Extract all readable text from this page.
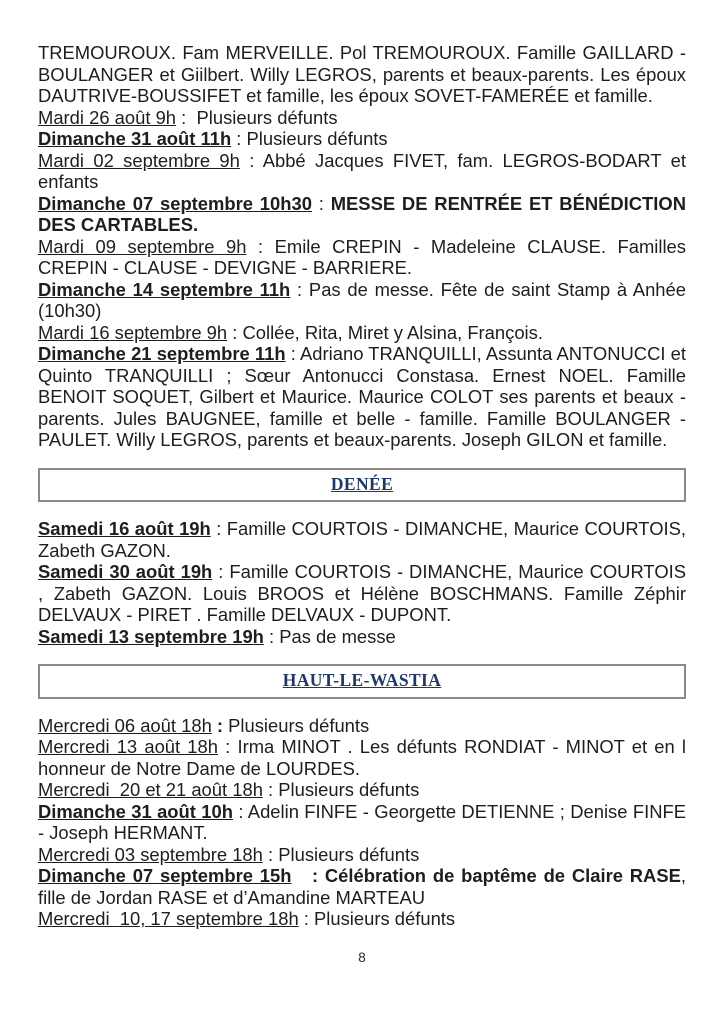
TREMOUROUX. Fam MERVEILLE. Pol TREMOUROUX. Famille GAILLARD - BOULANGER et Giilbert. Willy LEGROS, parents et beaux-parents. Les époux DAUTRIVE-BOUSSIFET et famille, les époux SOVET-FAMERÉE et famille.

Mardi 26 août 9h :  Plusieurs défunts

Dimanche 31 août 11h : Plusieurs défunts

Mardi 02 septembre 9h : Abbé Jacques FIVET, fam. LEGROS-BODART et enfants

Dimanche 07 septembre 10h30 : MESSE DE RENTRÉE ET BÉNÉDICTION DES CARTABLES.

Mardi 09 septembre 9h : Emile CREPIN - Madeleine CLAUSE. Familles CREPIN - CLAUSE - DEVIGNE - BARRIERE.

Dimanche 14 septembre 11h : Pas de messe. Fête de saint Stamp à Anhée (10h30)

Mardi 16 septembre 9h : Collée, Rita, Miret y Alsina, François.

Dimanche 21 septembre 11h : Adriano TRANQUILLI, Assunta ANTONUCCI et Quinto TRANQUILLI ; Sœur Antonucci Constasa. Ernest NOEL. Famille BENOIT SOQUET, Gilbert et Maurice. Maurice COLOT ses parents et beaux - parents. Jules BAUGNEE, famille et belle - famille. Famille BOULANGER - PAULET. Willy LEGROS, parents et beaux-parents. Joseph GILON et famille.

DENÉE

Samedi 16 août 19h : Famille COURTOIS - DIMANCHE, Maurice COURTOIS, Zabeth GAZON.

Samedi 30 août 19h : Famille COURTOIS - DIMANCHE, Maurice COURTOIS , Zabeth GAZON. Louis BROOS et Hélène BOSCHMANS. Famille Zéphir DELVAUX - PIRET . Famille DELVAUX - DUPONT.

Samedi 13 septembre 19h : Pas de messe

HAUT-LE-WASTIA

Mercredi 06 août 18h : Plusieurs défunts

Mercredi 13 août 18h : Irma MINOT . Les défunts RONDIAT - MINOT et en l honneur de Notre Dame de LOURDES.

Mercredi  20 et 21 août 18h : Plusieurs défunts

Dimanche 31 août 10h : Adelin FINFE - Georgette DETIENNE ; Denise FINFE - Joseph HERMANT.

Mercredi 03 septembre 18h : Plusieurs défunts

Dimanche 07 septembre 15h   : Célébration de baptême de Claire RASE, fille de Jordan RASE et d’Amandine MARTEAU

Mercredi  10, 17 septembre 18h : Plusieurs défunts

8
